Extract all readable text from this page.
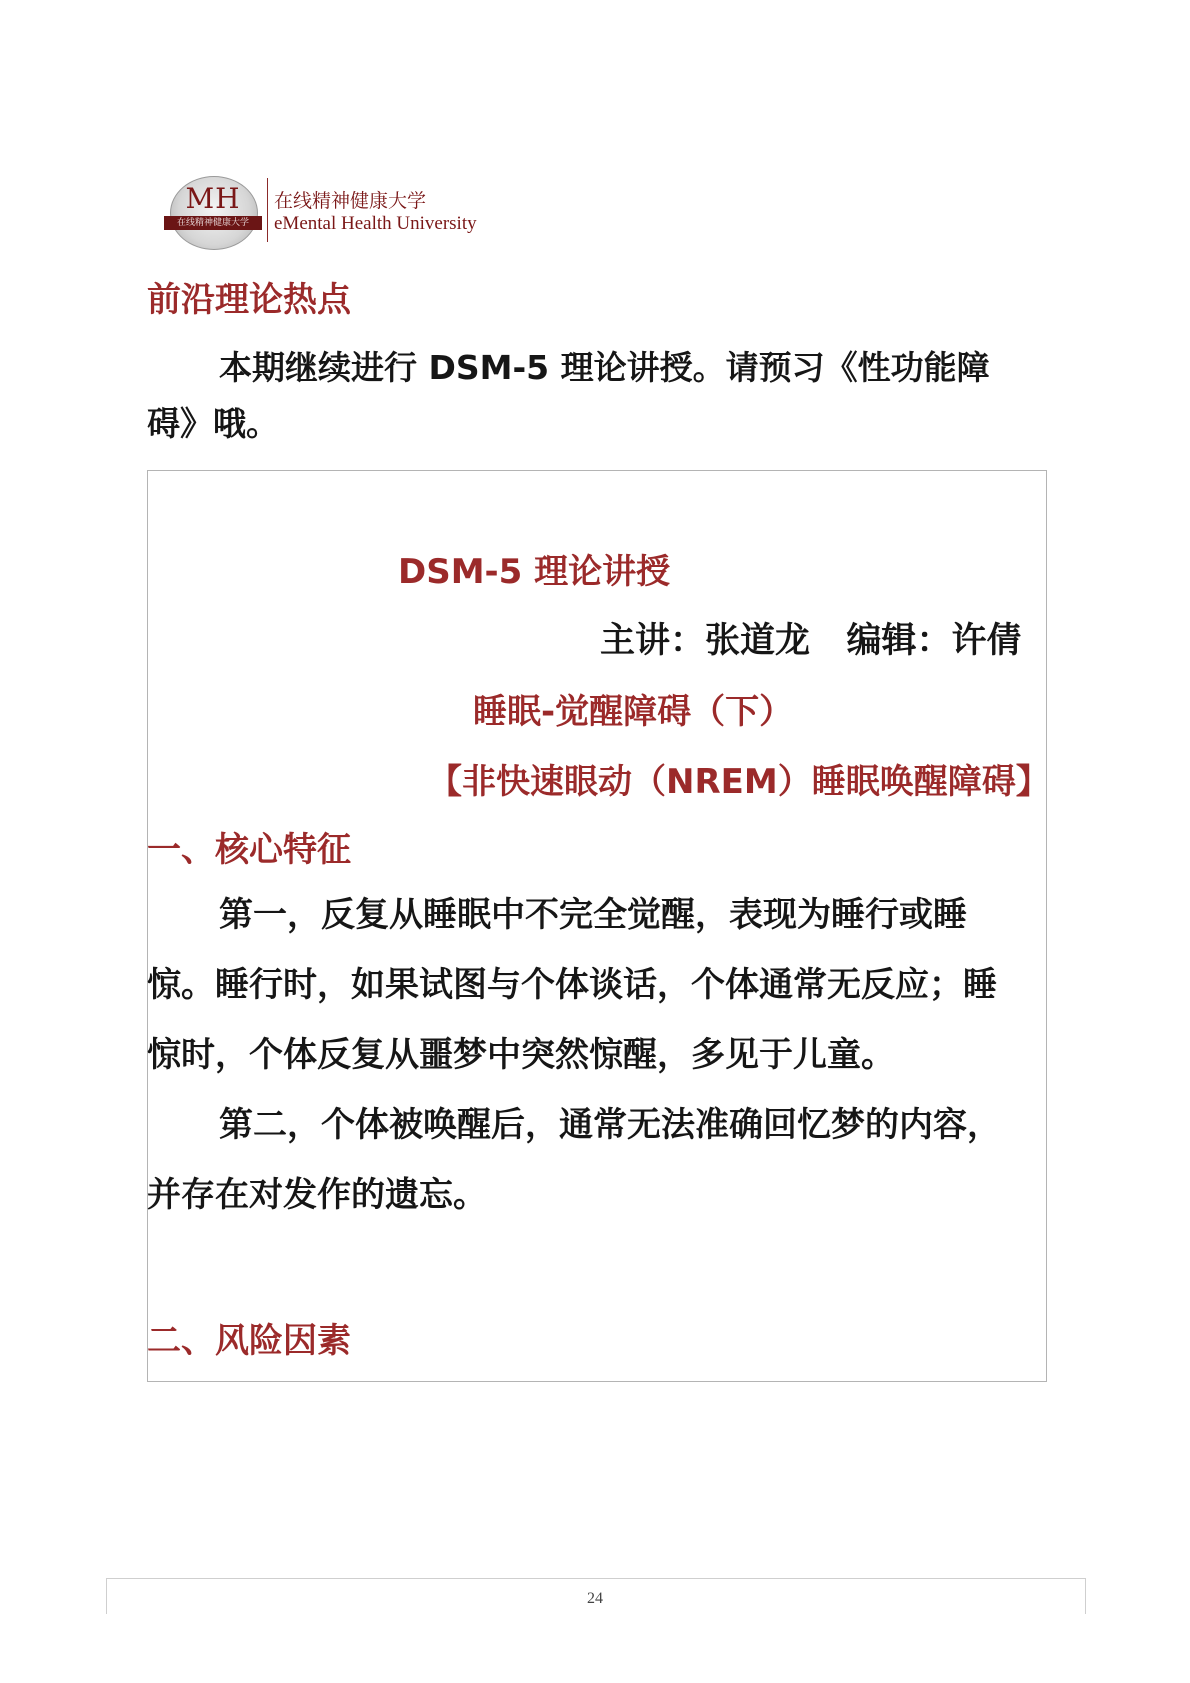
MH
在线精神健康大学
在线精神健康大学
eMental Health University
前沿理论热点

本期继续进行 DSM-5 理论讲授。请预习《性功能障碍》哦。

DSM-5 理论讲授
主讲：张道龙   编辑：许倩
睡眠-觉醒障碍（下）
【非快速眼动（NREM）睡眠唤醒障碍】
一、核心特征

第一，反复从睡眠中不完全觉醒，表现为睡行或睡惊。睡行时，如果试图与个体谈话，个体通常无反应；睡惊时，个体反复从噩梦中突然惊醒，多见于儿童。

第二，个体被唤醒后，通常无法准确回忆梦的内容，并存在对发作的遗忘。

二、风险因素
24
